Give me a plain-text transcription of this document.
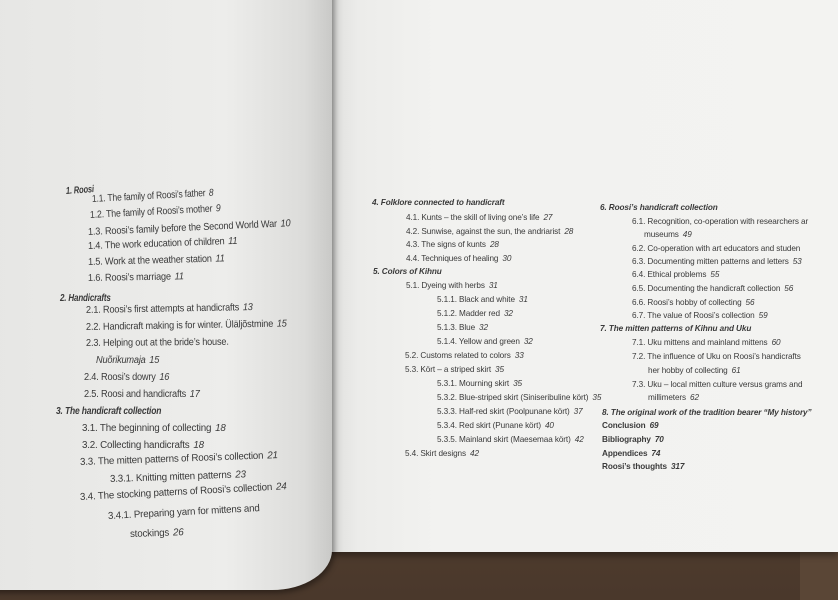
1. Roosi
1.1. The family of Roosi’s father 8
1.2. The family of Roosi’s mother 9
1.3. Roosi’s family before the Second World War 10
1.4. The work education of children 11
1.5. Work at the weather station 11
1.6. Roosi’s marriage 11
2. Handicrafts
2.1. Roosi’s first attempts at handicrafts 13
2.2. Handicraft making is for winter. Üläljõstmine 15
2.3. Helping out at the bride’s house.
Nuõrikumaja 15
2.4. Roosi’s dowry 16
2.5. Roosi and handicrafts 17
3. The handicraft collection
3.1. The beginning of collecting 18
3.2. Collecting handicrafts 18
3.3. The mitten patterns of Roosi’s collection 21
3.3.1. Knitting mitten patterns 23
3.4. The stocking patterns of Roosi’s collection 24
3.4.1. Preparing yarn for mittens and
stockings 26
4. Folklore connected to handicraft
4.1. Kunts – the skill of living one’s life 27
4.2. Sunwise, against the sun, the andriarist 28
4.3. The signs of kunts 28
4.4. Techniques of healing 30
5. Colors of Kihnu
5.1. Dyeing with herbs 31
5.1.1. Black and white 31
5.1.2. Madder red 32
5.1.3. Blue 32
5.1.4. Yellow and green 32
5.2. Customs related to colors 33
5.3. Kört – a striped skirt 35
5.3.1. Mourning skirt 35
5.3.2. Blue-striped skirt (Siniseribuline kört) 35
5.3.3. Half-red skirt (Poolpunane kört) 37
5.3.4. Red skirt (Punane kört) 40
5.3.5. Mainland skirt (Maesemaa kört) 42
5.4. Skirt designs 42
6. Roosi’s handicraft collection
6.1. Recognition, co-operation with researchers ar
museums 49
6.2. Co-operation with art educators and studen
6.3. Documenting mitten patterns and letters 53
6.4. Ethical problems 55
6.5. Documenting the handicraft collection 56
6.6. Roosi’s hobby of collecting 56
6.7. The value of Roosi’s collection 59
7. The mitten patterns of Kihnu and Uku
7.1. Uku mittens and mainland mittens 60
7.2. The influence of Uku on Roosi’s handicrafts
her hobby of collecting 61
7.3. Uku – local mitten culture versus grams and
millimeters 62
8. The original work of the tradition bearer “My history”
Conclusion 69
Bibliography 70
Appendices 74
Roosi’s thoughts 317
